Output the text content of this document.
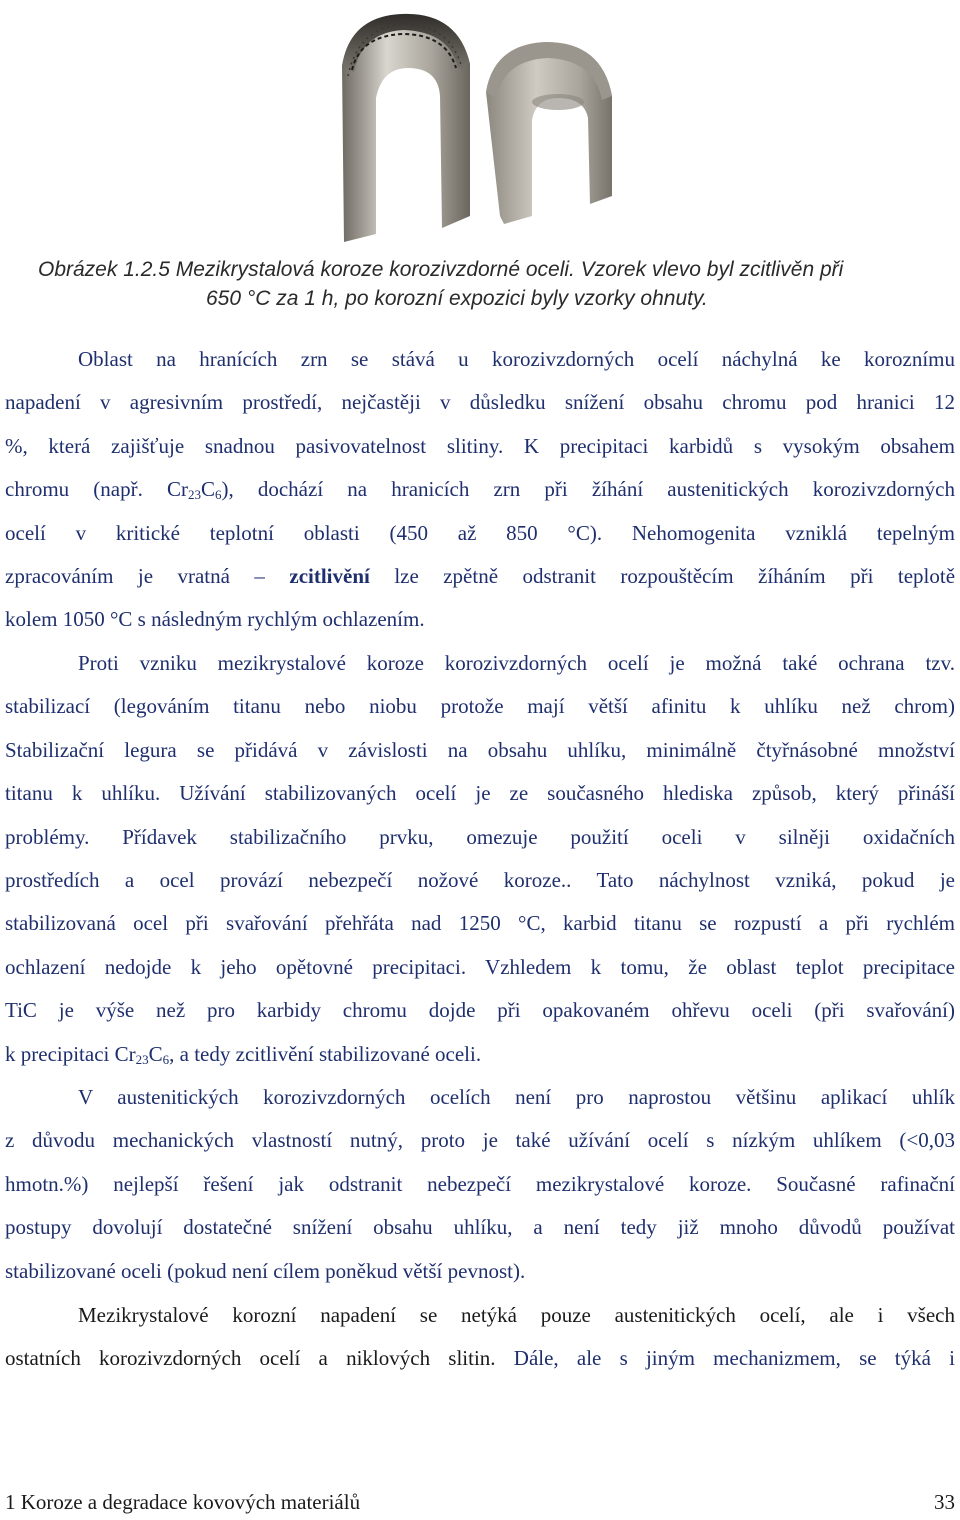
Obrázek 1.2.5 Mezikrystalová koroze korozivzdorné oceli. Vzorek vlevo byl zcitlivěn při
650 °C za 1 h, po korozní expozici byly vzorky ohnuty.
Oblast na hranících zrn se stává u korozivzdorných ocelí náchylná ke koroznímu
napadení v agresivním prostředí, nejčastěji v důsledku snížení obsahu chromu pod hranici 12
%, která zajišťuje snadnou pasivovatelnost slitiny. K precipitaci karbidů s vysokým obsahem
chromu (např. $Cr_{23}C_6$), dochází na hranicích zrn při žíhání austenitických korozivzdorných
ocelí v kritické teplotní oblasti (450 až 850 °C). Nehomogenita vzniklá tepelným
zpracováním je vratná – zcitlivění lze zpětně odstranit rozpouštěcím žíháním při teplotě
kolem 1050 °C s následným rychlým ochlazením.
Proti vzniku mezikrystalové koroze korozivzdorných ocelí je možná také ochrana tzv.
stabilizací (legováním titanu nebo niobu protože mají větší afinitu k uhlíku než chrom)
Stabilizační legura se přidává v závislosti na obsahu uhlíku, minimálně čtyřnásobné množství
titanu k uhlíku. Užívání stabilizovaných ocelí je ze současného hlediska způsob, který přináší
problémy. Přídavek stabilizačního prvku, omezuje použití oceli v silněji oxidačních
prostředích a ocel provází nebezpečí nožové koroze.. Tato náchylnost vzniká, pokud je
stabilizovaná ocel při svařování přehřáta nad 1250 °C, karbid titanu se rozpustí a při rychlém
ochlazení nedojde k jeho opětovné precipitaci. Vzhledem k tomu, že oblast teplot precipitace
TiC je výše než pro karbidy chromu dojde při opakovaném ohřevu oceli (při svařování)
k precipitaci $Cr_{23}C_6$, a tedy zcitlivění stabilizované oceli.
V austenitických korozivzdorných ocelích není pro naprostou většinu aplikací uhlík
z důvodu mechanických vlastností nutný, proto je také užívání ocelí s nízkým uhlíkem (<0,03
hmotn.%) nejlepší řešení jak odstranit nebezpečí mezikrystalové koroze. Současné rafinační
postupy dovolují dostatečné snížení obsahu uhlíku, a není tedy již mnoho důvodů používat
stabilizované oceli (pokud není cílem poněkud větší pevnost).
Mezikrystalové korozní napadení se netýká pouze austenitických ocelí, ale i všech
ostatních korozivzdorných ocelí a niklových slitin. Dále, ale s jiným mechanizmem, se týká i
1 Koroze a degradace kovových materiálů	33
